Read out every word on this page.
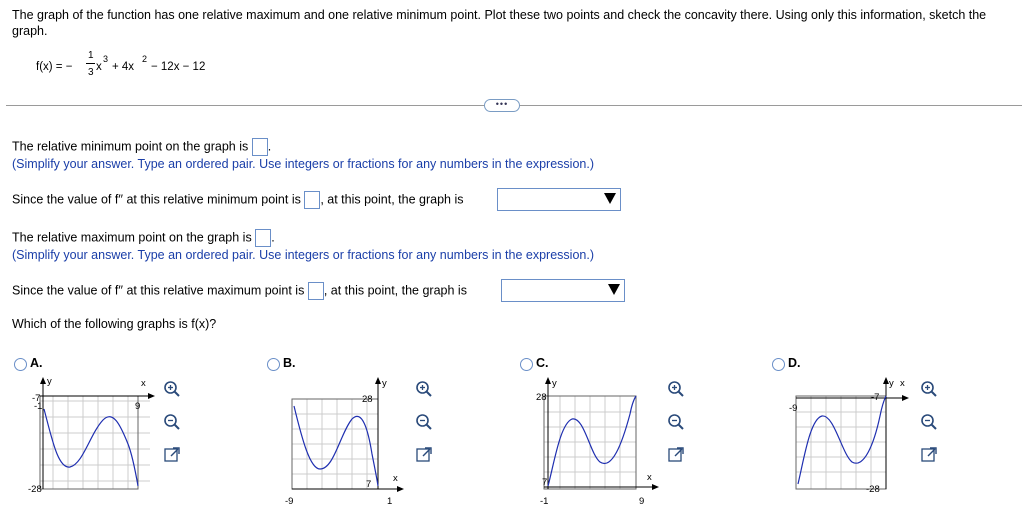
The graph of the function has one relative maximum and one relative minimum point. Plot these two points and check the concavity there. Using only this information, sketch the graph.
f(x) = −
1
3 x
3
+ 4x
2
− 12x − 12
•••
The relative minimum point on the graph is .
(Simplify your answer. Type an ordered pair. Use integers or fractions for any numbers in the expression.)
Since the value of f′′ at this relative minimum point is , at this point, the graph is
The relative maximum point on the graph is .
(Simplify your answer. Type an ordered pair. Use integers or fractions for any numbers in the expression.)
Since the value of f′′ at this relative maximum point is , at this point, the graph is
Which of the following graphs is f(x)?
A.
y	x
-7
-1	9
-28
B.
y
x
28
-9
7
1
C.
y
x
28
7
-1	9
D.
y x
-9
-7
-28
